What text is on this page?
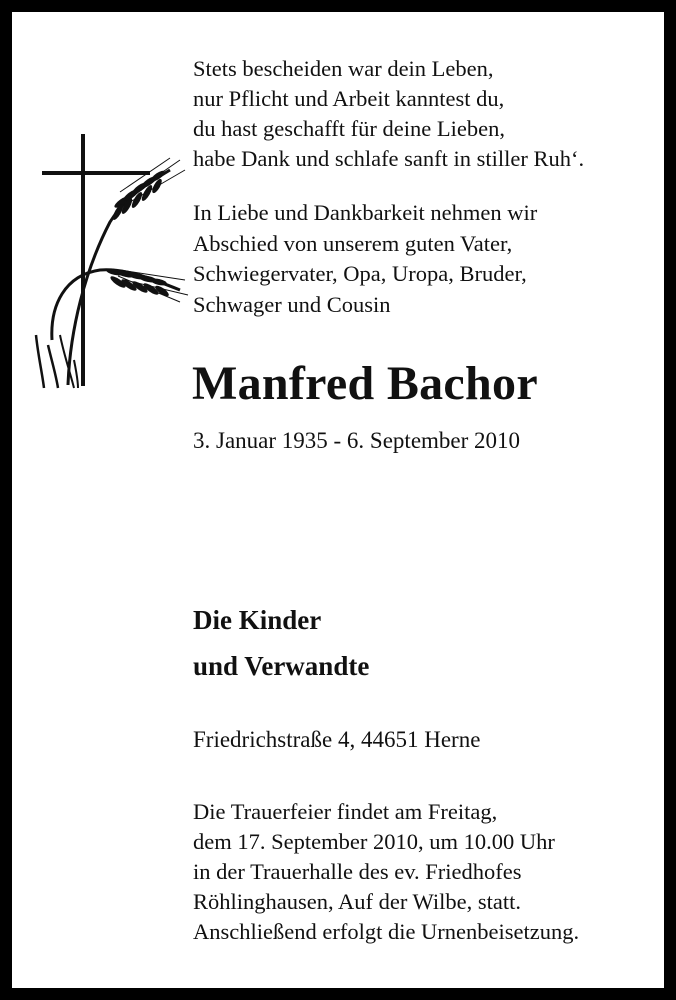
Stets bescheiden war dein Leben,
nur Pflicht und Arbeit kanntest du,
du hast geschafft für deine Lieben,
habe Dank und schlafe sanft in stiller Ruh‘.
In Liebe und Dankbarkeit nehmen wir
Abschied von unserem guten Vater,
Schwiegervater, Opa, Uropa, Bruder,
Schwager und Cousin
Manfred Bachor
3. Januar 1935 - 6. September 2010
Die Kinder
und Verwandte
Friedrichstraße 4, 44651 Herne
Die Trauerfeier findet am Freitag,
dem 17. September 2010, um 10.00 Uhr
in der Trauerhalle des ev. Friedhofes
Röhlinghausen, Auf der Wilbe, statt.
Anschließend erfolgt die Urnenbeisetzung.
